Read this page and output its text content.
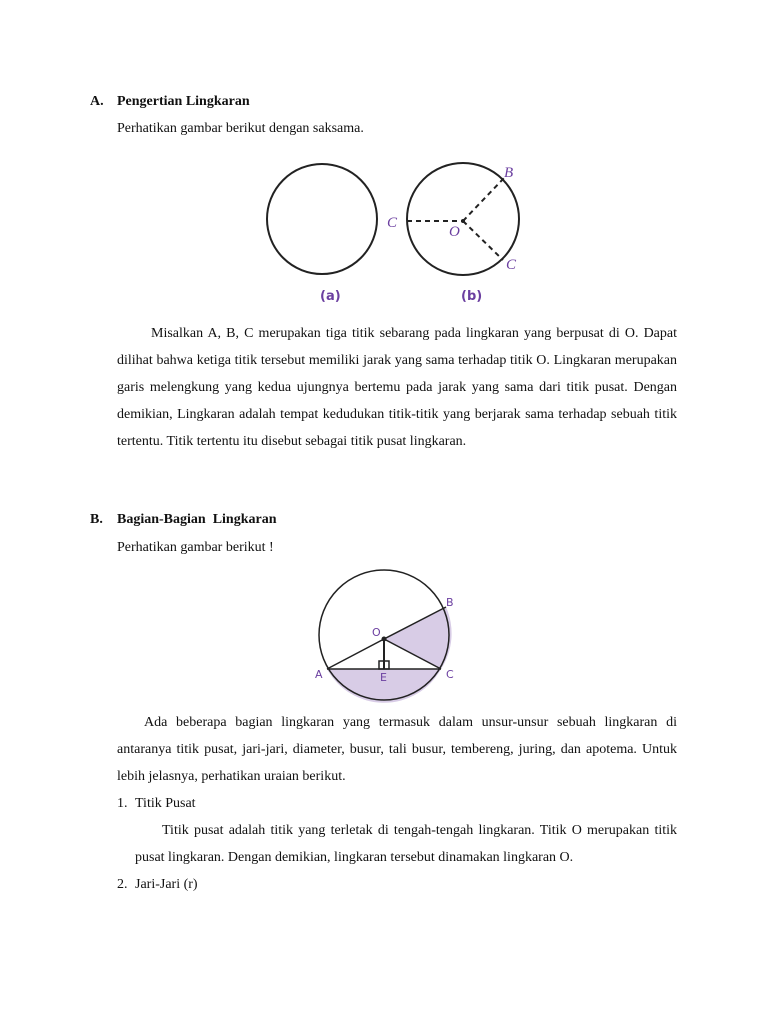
A. Pengertian Lingkaran
Perhatikan gambar berikut dengan saksama.
B
C
O
C
(a)	(b)
Misalkan A, B, C merupakan tiga titik sebarang pada lingkaran yang berpusat di O. Dapat dilihat bahwa ketiga titik tersebut memiliki jarak yang sama terhadap titik O. Lingkaran merupakan garis melengkung yang kedua ujungnya bertemu pada jarak yang sama dari titik pusat. Dengan demikian, Lingkaran adalah tempat kedudukan titik-titik yang berjarak sama terhadap sebuah titik tertentu. Titik tertentu itu disebut sebagai titik pusat lingkaran.
B. Bagian-Bagian  Lingkaran
Perhatikan gambar berikut !
O
B
A	C
E
Ada beberapa bagian lingkaran yang termasuk dalam unsur-unsur sebuah lingkaran di antaranya titik pusat, jari-jari, diameter, busur, tali busur, tembereng, juring, dan apotema. Untuk lebih jelasnya, perhatikan uraian berikut.
1. Titik Pusat
Titik pusat adalah titik yang terletak di tengah-tengah lingkaran. Titik O merupakan titik pusat lingkaran. Dengan demikian, lingkaran tersebut dinamakan lingkaran O.
2. Jari-Jari (r)
